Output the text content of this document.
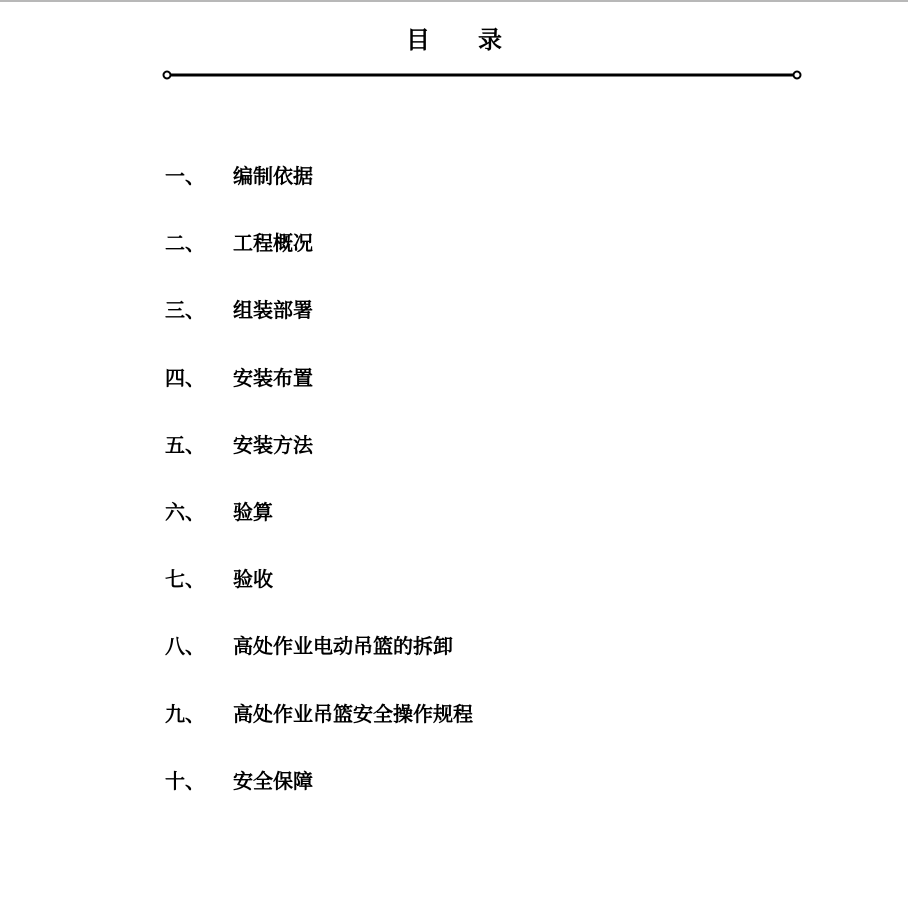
目　　录
一、	编制依据
二、	工程概况
三、	组装部署
四、	安装布置
五、	安装方法
六、	验算
七、	验收
八、	高处作业电动吊篮的拆卸
九、	高处作业吊篮安全操作规程
十、	安全保障
